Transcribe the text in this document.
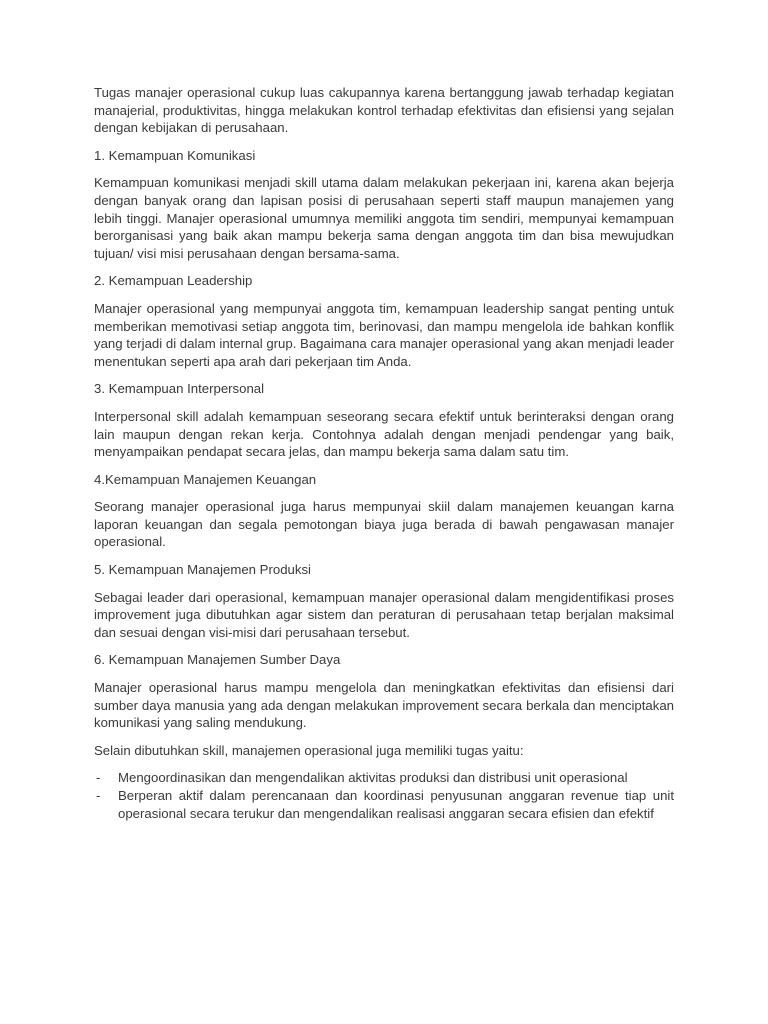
Tugas manajer operasional cukup luas cakupannya karena bertanggung jawab terhadap kegiatan manajerial, produktivitas, hingga melakukan kontrol terhadap efektivitas dan efisiensi yang sejalan dengan kebijakan di perusahaan.

1. Kemampuan Komunikasi

Kemampuan komunikasi menjadi skill utama dalam melakukan pekerjaan ini, karena akan bejerja dengan banyak orang dan lapisan posisi di perusahaan seperti staff maupun manajemen yang lebih tinggi. Manajer operasional umumnya memiliki anggota tim sendiri, mempunyai kemampuan berorganisasi yang baik akan mampu bekerja sama dengan anggota tim dan bisa mewujudkan tujuan/ visi misi perusahaan dengan bersama-sama.

2. Kemampuan Leadership

Manajer operasional yang mempunyai anggota tim, kemampuan leadership sangat penting untuk memberikan memotivasi setiap anggota tim, berinovasi, dan mampu mengelola ide bahkan konflik yang terjadi di dalam internal grup. Bagaimana cara manajer operasional yang akan menjadi leader menentukan seperti apa arah dari pekerjaan tim Anda.

3. Kemampuan Interpersonal

Interpersonal skill adalah kemampuan seseorang secara efektif untuk berinteraksi dengan orang lain maupun dengan rekan kerja. Contohnya adalah dengan menjadi pendengar yang baik, menyampaikan pendapat secara jelas, dan mampu bekerja sama dalam satu tim.

4.Kemampuan Manajemen Keuangan

Seorang manajer operasional juga harus mempunyai skiil dalam manajemen keuangan karna laporan keuangan dan segala pemotongan biaya juga berada di bawah pengawasan manajer operasional.

5. Kemampuan Manajemen Produksi

Sebagai leader dari operasional, kemampuan manajer operasional dalam mengidentifikasi proses improvement juga dibutuhkan agar sistem dan peraturan di perusahaan tetap berjalan maksimal dan sesuai dengan visi-misi dari perusahaan tersebut.

6. Kemampuan Manajemen Sumber Daya

Manajer operasional harus mampu mengelola dan meningkatkan efektivitas dan efisiensi dari sumber daya manusia yang ada dengan melakukan improvement secara berkala dan menciptakan komunikasi yang saling mendukung.

Selain dibutuhkan skill, manajemen operasional juga memiliki tugas yaitu:

- Mengoordinasikan dan mengendalikan aktivitas produksi dan distribusi unit operasional
- Berperan aktif dalam perencanaan dan koordinasi penyusunan anggaran revenue tiap unit operasional secara terukur dan mengendalikan realisasi anggaran secara efisien dan efektif
